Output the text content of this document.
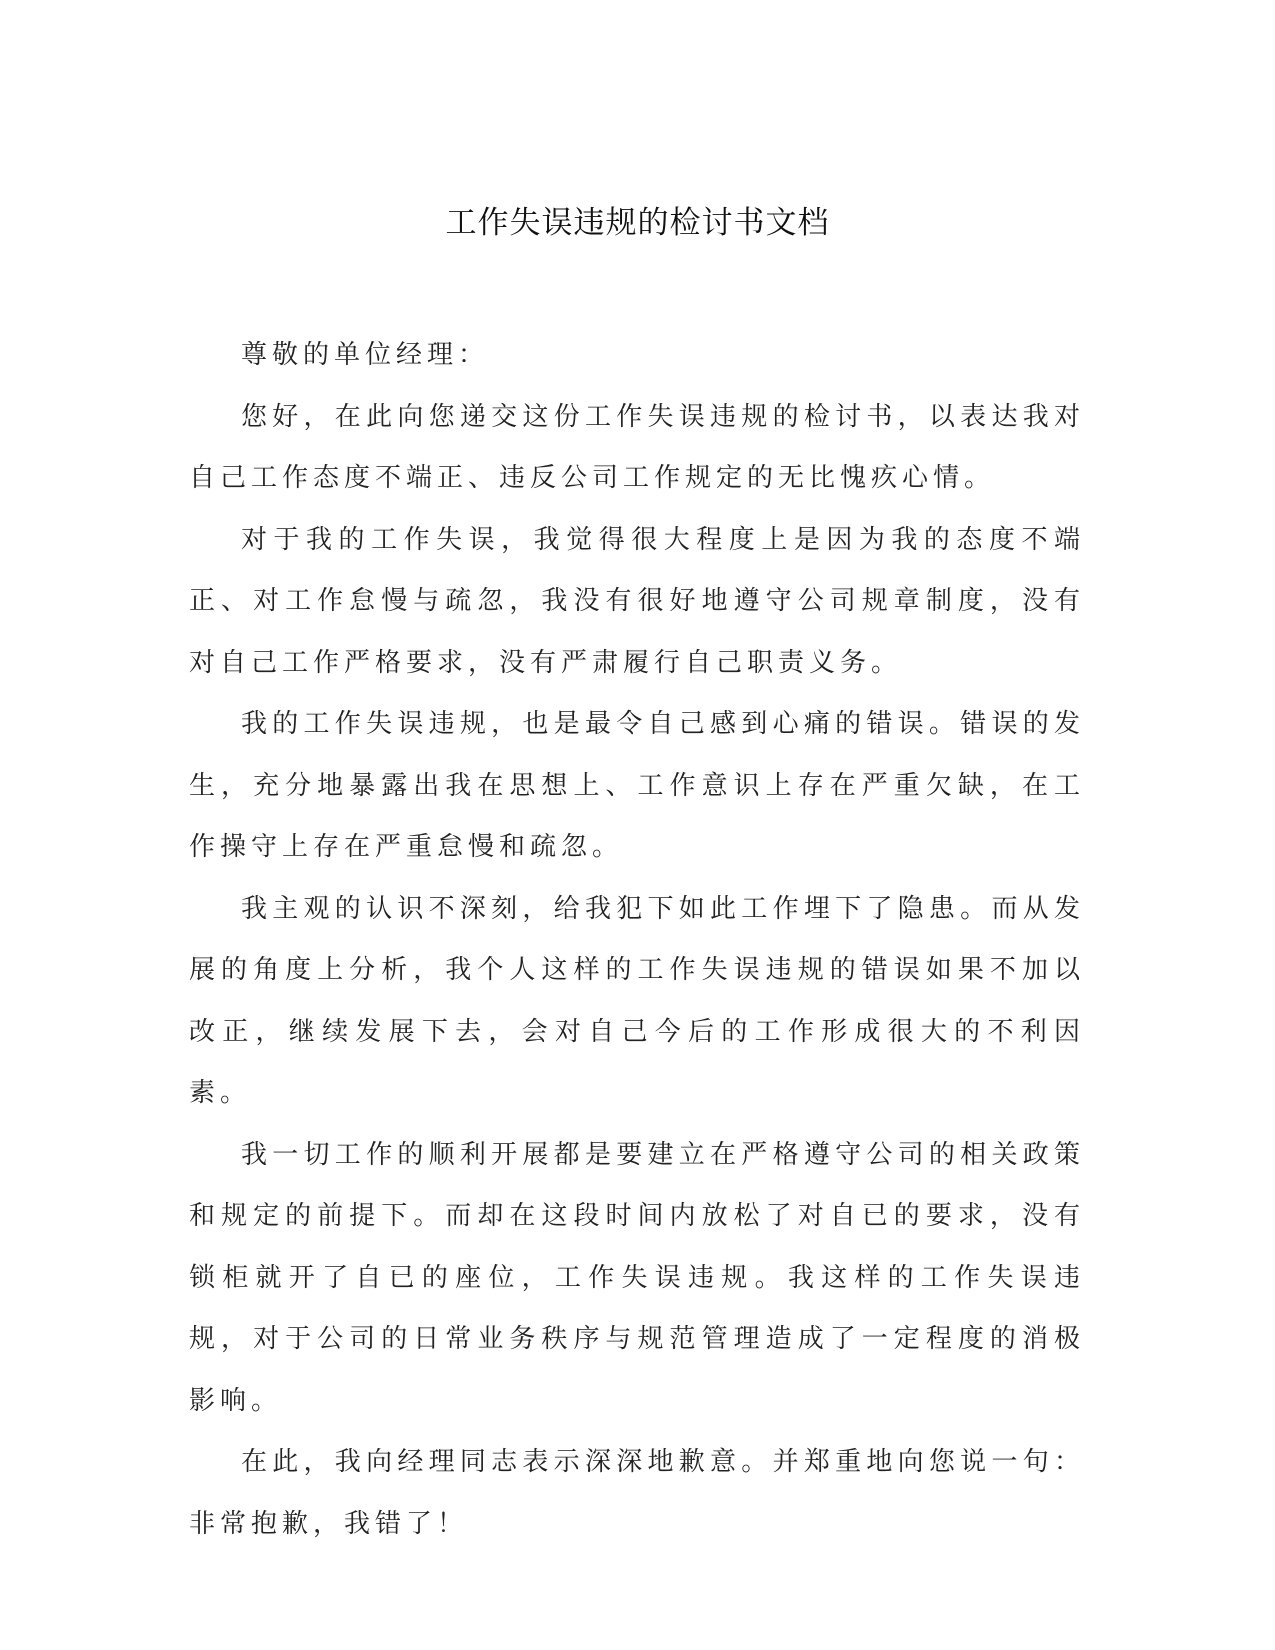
工作失误违规的检讨书文档

尊敬的单位经理：

您好，在此向您递交这份工作失误违规的检讨书，以表达我对自己工作态度不端正、违反公司工作规定的无比愧疚心情。

对于我的工作失误，我觉得很大程度上是因为我的态度不端正、对工作怠慢与疏忽，我没有很好地遵守公司规章制度，没有对自己工作严格要求，没有严肃履行自己职责义务。

我的工作失误违规，也是最令自己感到心痛的错误。错误的发生，充分地暴露出我在思想上、工作意识上存在严重欠缺，在工作操守上存在严重怠慢和疏忽。

我主观的认识不深刻，给我犯下如此工作埋下了隐患。而从发展的角度上分析，我个人这样的工作失误违规的错误如果不加以改正，继续发展下去，会对自己今后的工作形成很大的不利因素。

我一切工作的顺利开展都是要建立在严格遵守公司的相关政策和规定的前提下。而却在这段时间内放松了对自已的要求，没有锁柜就开了自已的座位，工作失误违规。我这样的工作失误违规，对于公司的日常业务秩序与规范管理造成了一定程度的消极影响。

在此，我向经理同志表示深深地歉意。并郑重地向您说一句：非常抱歉，我错了！
